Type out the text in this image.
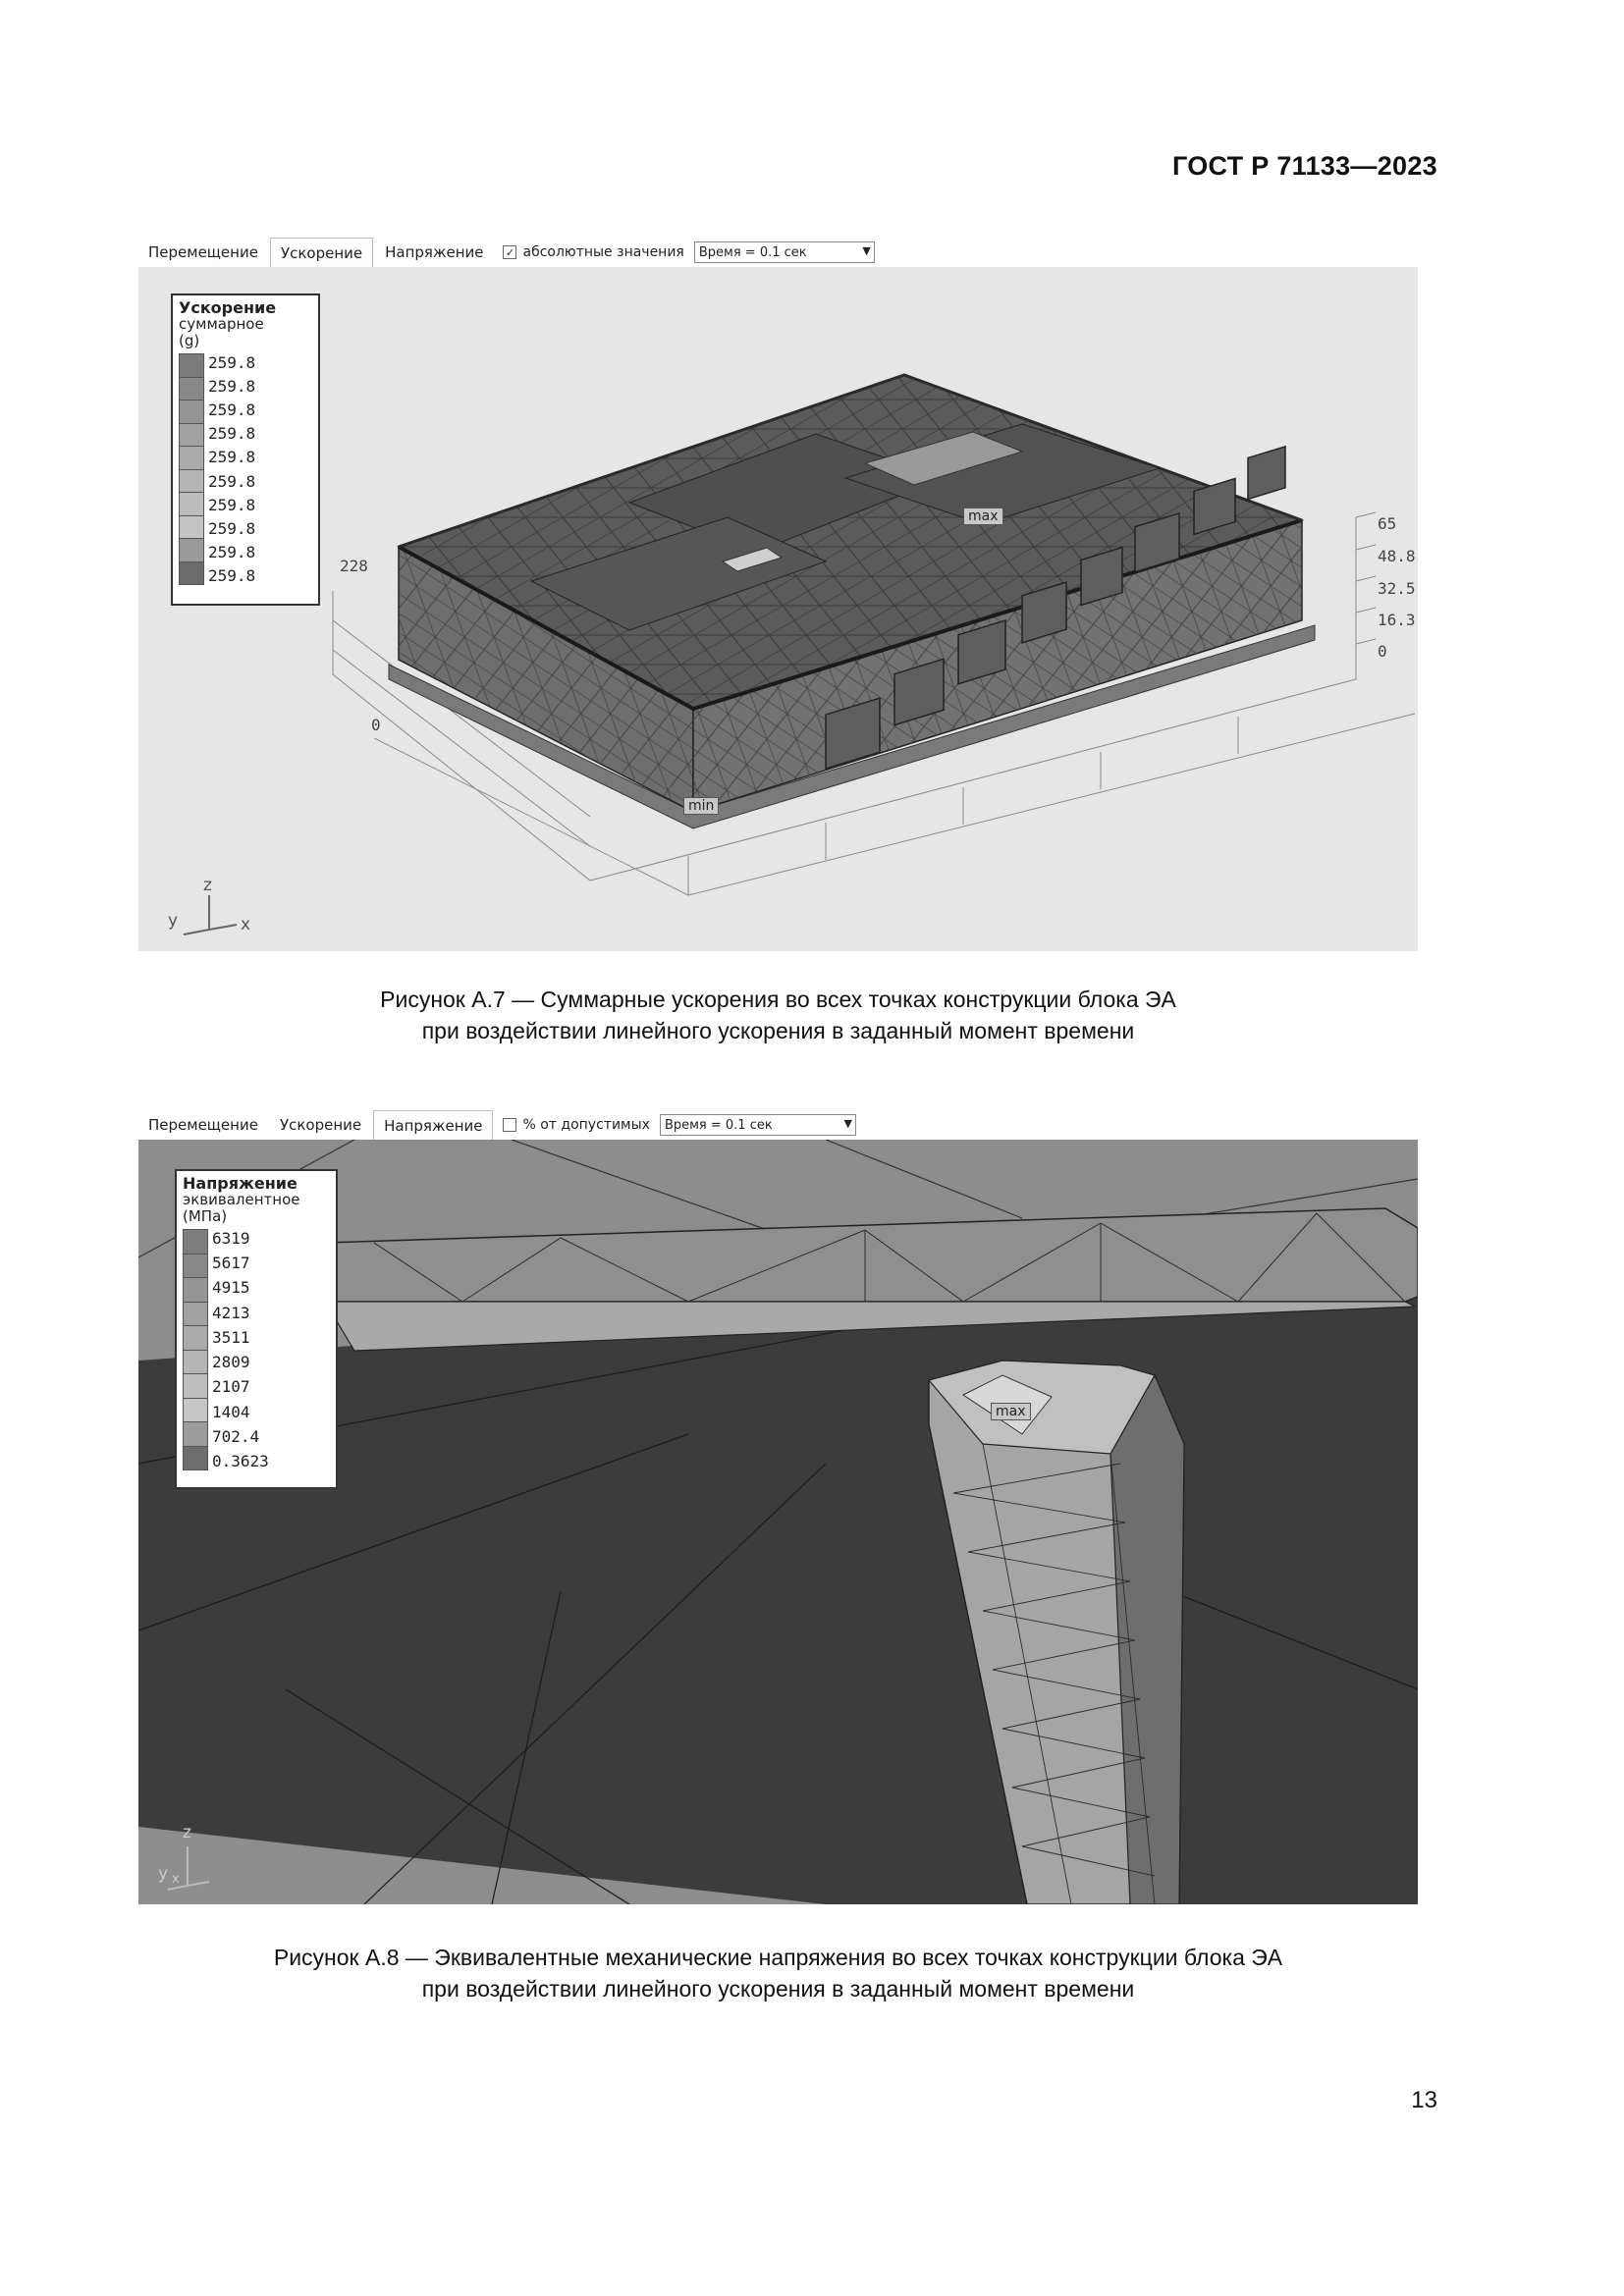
ГОСТ Р 71133—2023
Перемещение	Ускорение	Напряжение	✓ абсолютные значения Время = 0.1 сек	▼
Ускорение
суммарное
(g)
259.8
259.8
259.8
259.8
259.8
259.8
259.8
259.8
259.8
259.8
65
48.8
32.5
16.3
0
228
0
max
min
z
y	x
Рисунок А.7 — Суммарные ускорения во всех точках конструкции блока ЭА
при воздействии линейного ускорения в заданный момент времени
Перемещение	Ускорение	Напряжение	% от допустимых Время = 0.1 сек	▼
Напряжение
эквивалентное
(МПа)
6319
5617
4915
4213
3511
2809
2107
1404
702.4
0.3623
max
z
y x
Рисунок А.8 — Эквивалентные механические напряжения во всех точках конструкции блока ЭА
при воздействии линейного ускорения в заданный момент времени
13
